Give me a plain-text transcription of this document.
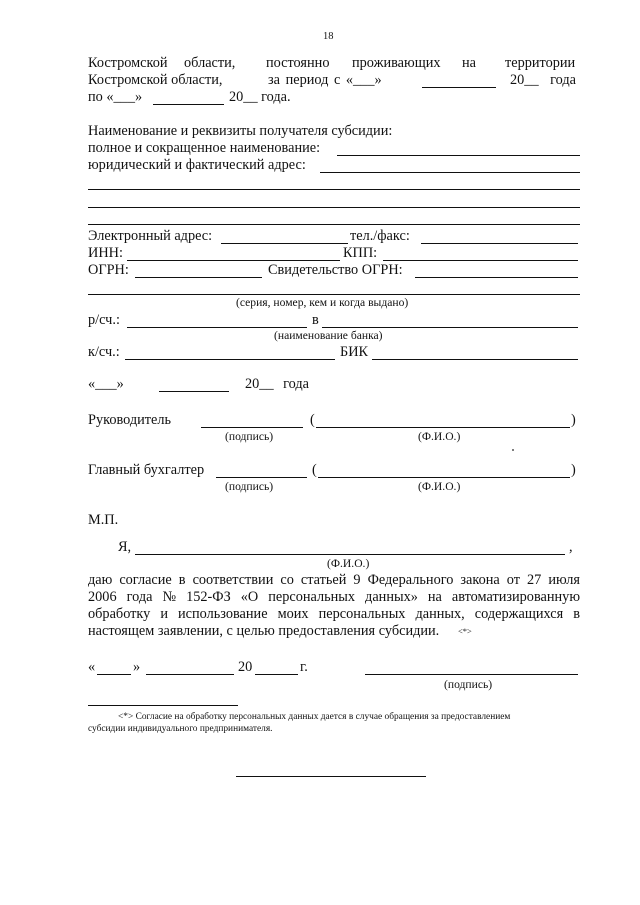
18
Костромской области, постоянно проживающих на территории
Костромской области,	за период с «___»	20__ года
по «___»	20__ года.
Наименование и реквизиты получателя субсидии:
полное и сокращенное наименование:
юридический и фактический адрес:
Электронный адрес:	тел./факс:
ИНН:	КПП:
ОГРН:	Свидетельство ОГРН:
(серия, номер, кем и когда выдано)
р/сч.:	в
(наименование банка)
к/сч.:	БИК
«___»	20__ года
Руководитель	(	)
(подпись)	(Ф.И.О.)
Главный бухгалтер	(	)
(подпись)	(Ф.И.О.)
М.П.
Я,	,
(Ф.И.О.)
даю согласие в соответствии со статьей 9 Федерального закона от 27 июля
2006 года № 152-ФЗ «О персональных данных» на автоматизированную
обработку и использование моих персональных данных, содержащихся в
настоящем заявлении, с целью предоставления субсидии. <*>
«	»	20	г.
(подпись)
<*> Согласие на обработку персональных данных дается в случае обращения за предоставлением
субсидии индивидуального предпринимателя.
